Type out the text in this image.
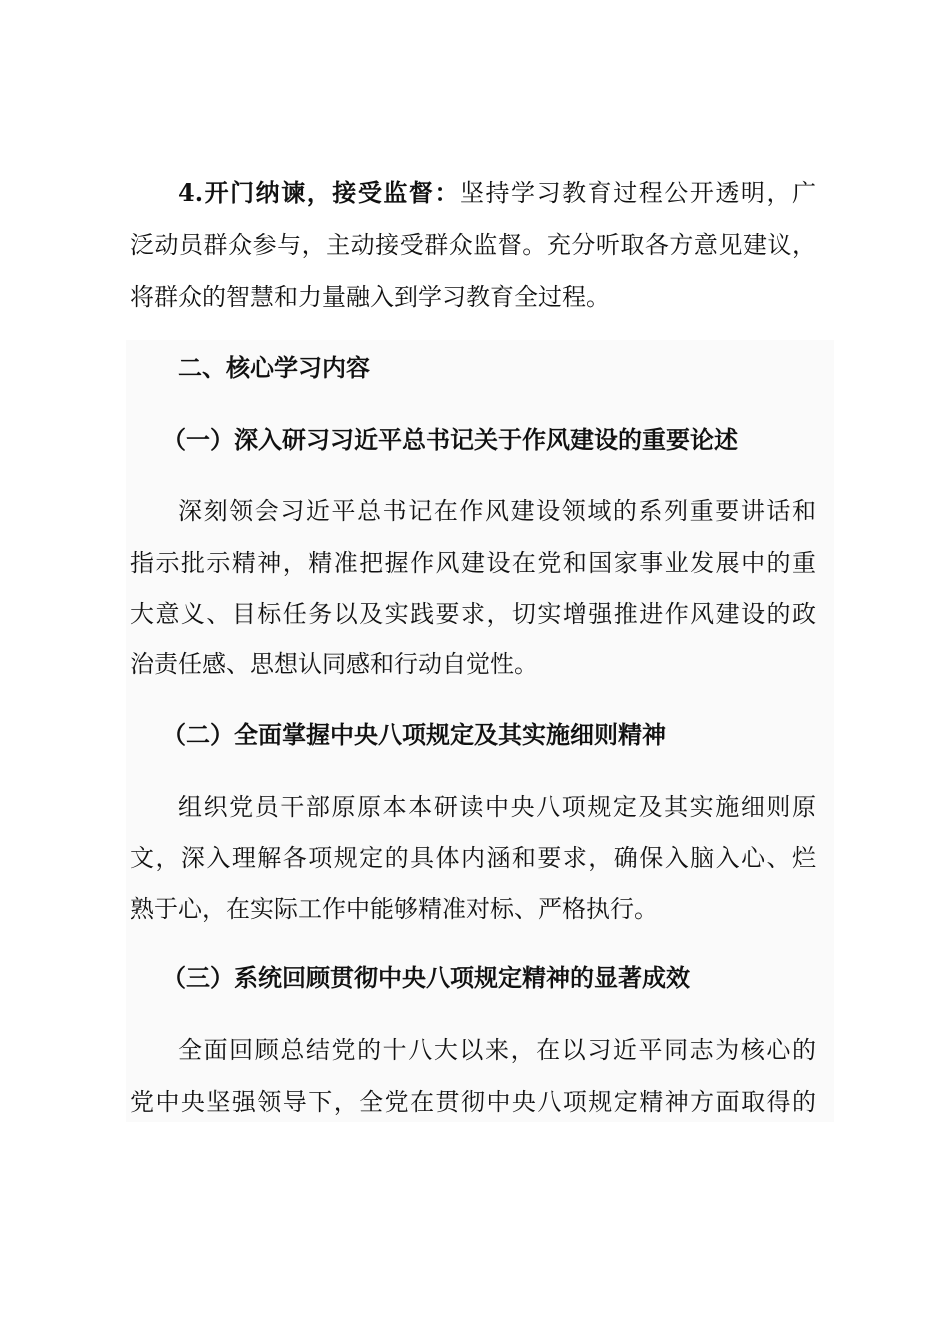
4.开门纳谏，接受监督：坚持学习教育过程公开透明，广
泛动员群众参与，主动接受群众监督。充分听取各方意见建议，
将群众的智慧和力量融入到学习教育全过程。
二、核心学习内容
（一）深入研习习近平总书记关于作风建设的重要论述
深刻领会习近平总书记在作风建设领域的系列重要讲话和
指示批示精神，精准把握作风建设在党和国家事业发展中的重
大意义、目标任务以及实践要求，切实增强推进作风建设的政
治责任感、思想认同感和行动自觉性。
（二）全面掌握中央八项规定及其实施细则精神
组织党员干部原原本本研读中央八项规定及其实施细则原
文，深入理解各项规定的具体内涵和要求，确保入脑入心、烂
熟于心，在实际工作中能够精准对标、严格执行。
（三）系统回顾贯彻中央八项规定精神的显著成效
全面回顾总结党的十八大以来，在以习近平同志为核心的
党中央坚强领导下，全党在贯彻中央八项规定精神方面取得的
